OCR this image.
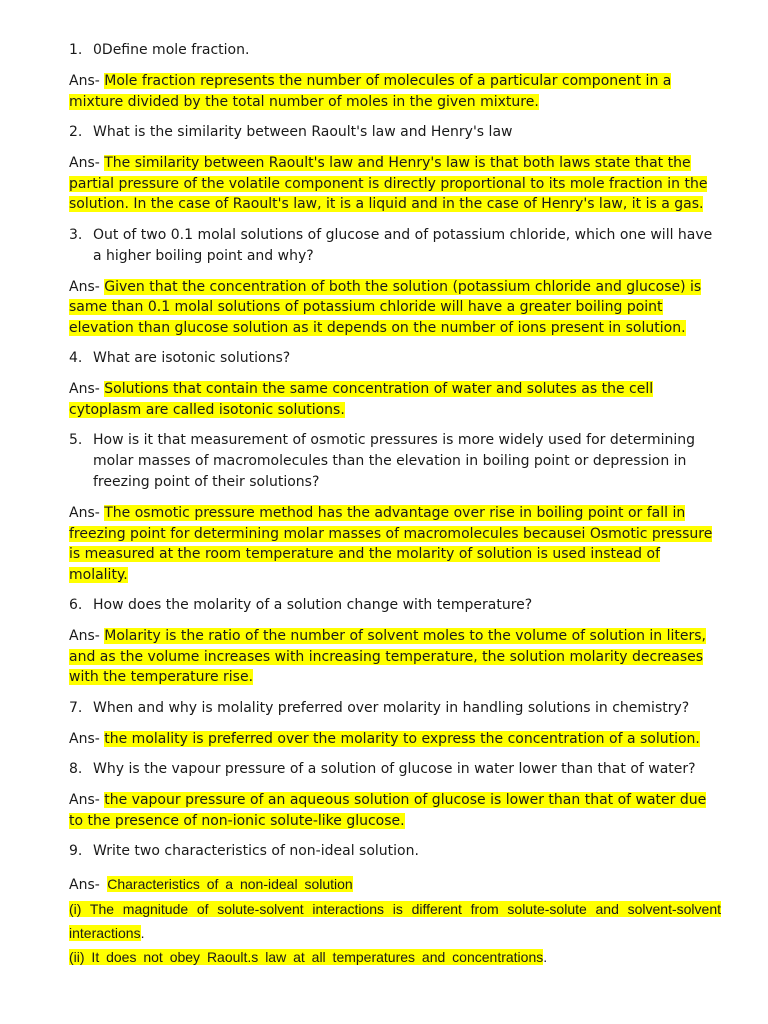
1. 0Define mole fraction.
Ans- Mole fraction represents the number of molecules of a particular component in a mixture divided by the total number of moles in the given mixture.
2. What is the similarity between Raoult's law and Henry's law
Ans- The similarity between Raoult's law and Henry's law is that both laws state that the partial pressure of the volatile component is directly proportional to its mole fraction in the solution. In the case of Raoult's law, it is a liquid and in the case of Henry's law, it is a gas.
3. Out of two 0.1 molal solutions of glucose and of potassium chloride, which one will have a higher boiling point and why?
Ans- Given that the concentration of both the solution (potassium chloride and glucose) is same than 0.1 molal solutions of potassium chloride will have a greater boiling point elevation than glucose solution as it depends on the number of ions present in solution.
4. What are isotonic solutions?
Ans- Solutions that contain the same concentration of water and solutes as the cell cytoplasm are called isotonic solutions.
5. How is it that measurement of osmotic pressures is more widely used for determining molar masses of macromolecules than the elevation in boiling point or depression in freezing point of their solutions?
Ans- The osmotic pressure method has the advantage over rise in boiling point or fall in freezing point for determining molar masses of macromolecules becausei Osmotic pressure is measured at the room temperature and the molarity of solution is used instead of molality.
6. How does the molarity of a solution change with temperature?
Ans- Molarity is the ratio of the number of solvent moles to the volume of solution in liters, and as the volume increases with increasing temperature, the solution molarity decreases with the temperature rise.
7. When and why is molality preferred over molarity in handling solutions in chemistry?
Ans- the molality is preferred over the molarity to express the concentration of a solution.
8. Why is the vapour pressure of a solution of glucose in water lower than that of water?
Ans- the vapour pressure of an aqueous solution of glucose is lower than that of water due to the presence of non-ionic solute-like glucose.
9. Write two characteristics of non-ideal solution.
Ans- Characteristics of a non-ideal solution
(i) The magnitude of solute-solvent interactions is different from solute-solute and solvent-solvent interactions.
(ii) It does not obey Raoult.s law at all temperatures and concentrations.
